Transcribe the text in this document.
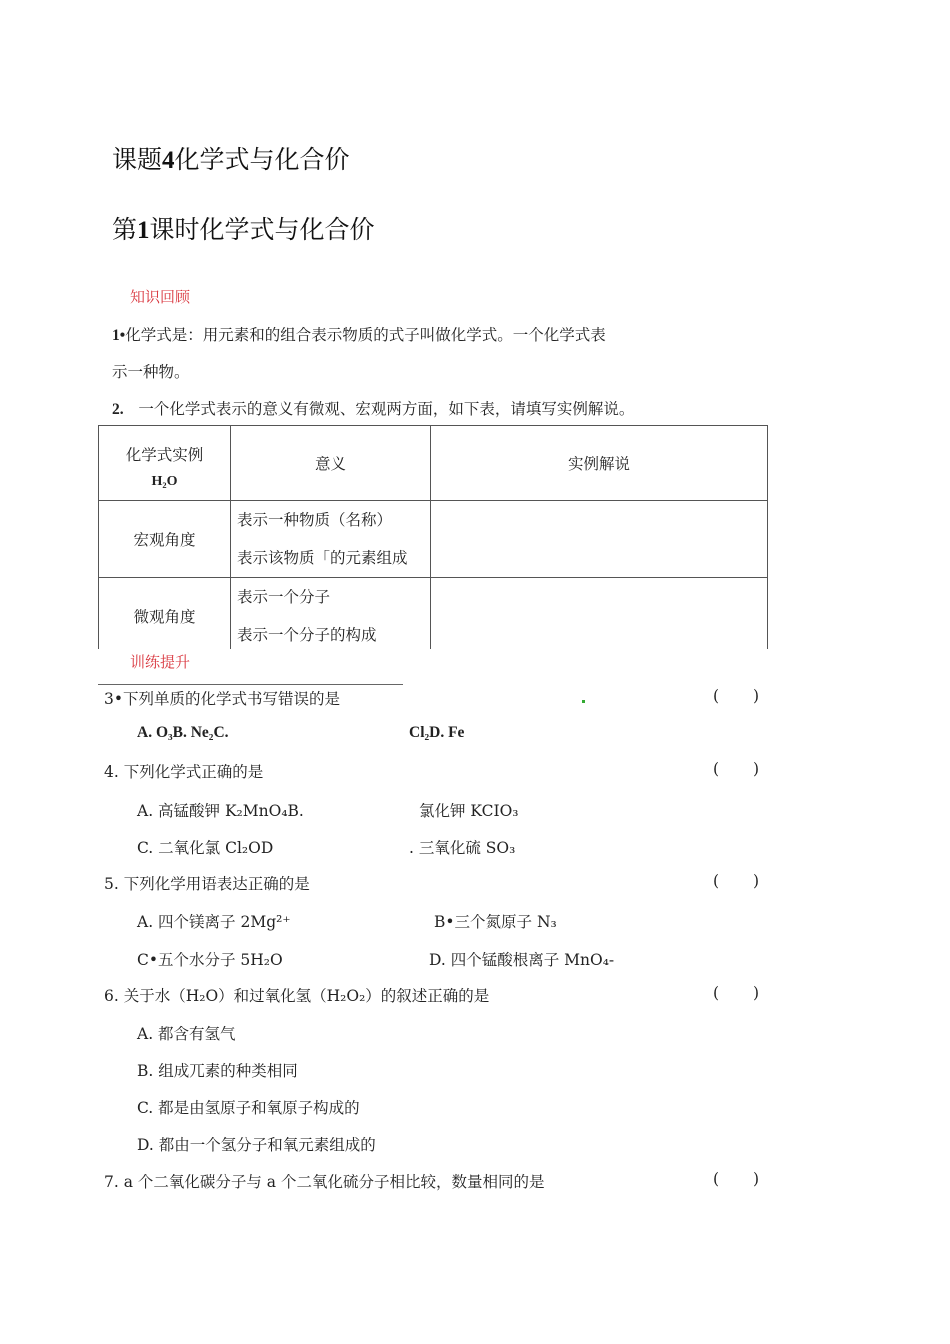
课题4化学式与化合价
第1课时化学式与化合价
知识回顾
1•化学式是：用元素和的组合表示物质的式子叫做化学式。一个化学式表
示一种物。
2. 一个化学式表示的意义有微观、宏观两方面，如下表，请填写实例解说。
化学式实例
H₂O	意义	实例解说
宏观角度	表示一种物质（名称）
表示该物质「的元素组成	

微观角度	表示一个分子
表示一个分子的构成	

训练提升
3•下列单质的化学式书写错误的是	( )
A. O₃B. Ne₂C.	Cl₂D. Fe
4. 下列化学式正确的是	( )
A. 高锰酸钾 K₂MnO₄B.	氯化钾 KCIO₃
C. 二氧化氯 Cl₂OD	. 三氧化硫 SO₃
5. 下列化学用语表达正确的是	( )
A. 四个镁离子 2Mg²⁺	B•三个氮原子 N₃
C•五个水分子 5H₂O	D. 四个锰酸根离子 MnO₄-
6. 关于水（H₂O）和过氧化氢（H₂O₂）的叙述正确的是	( )
A. 都含有氢气
B. 组成兀素的种类相同
C. 都是由氢原子和氧原子构成的
D. 都由一个氢分子和氧元素组成的
7. a 个二氧化碳分子与 a 个二氧化硫分子相比较，数量相同的是	( )
